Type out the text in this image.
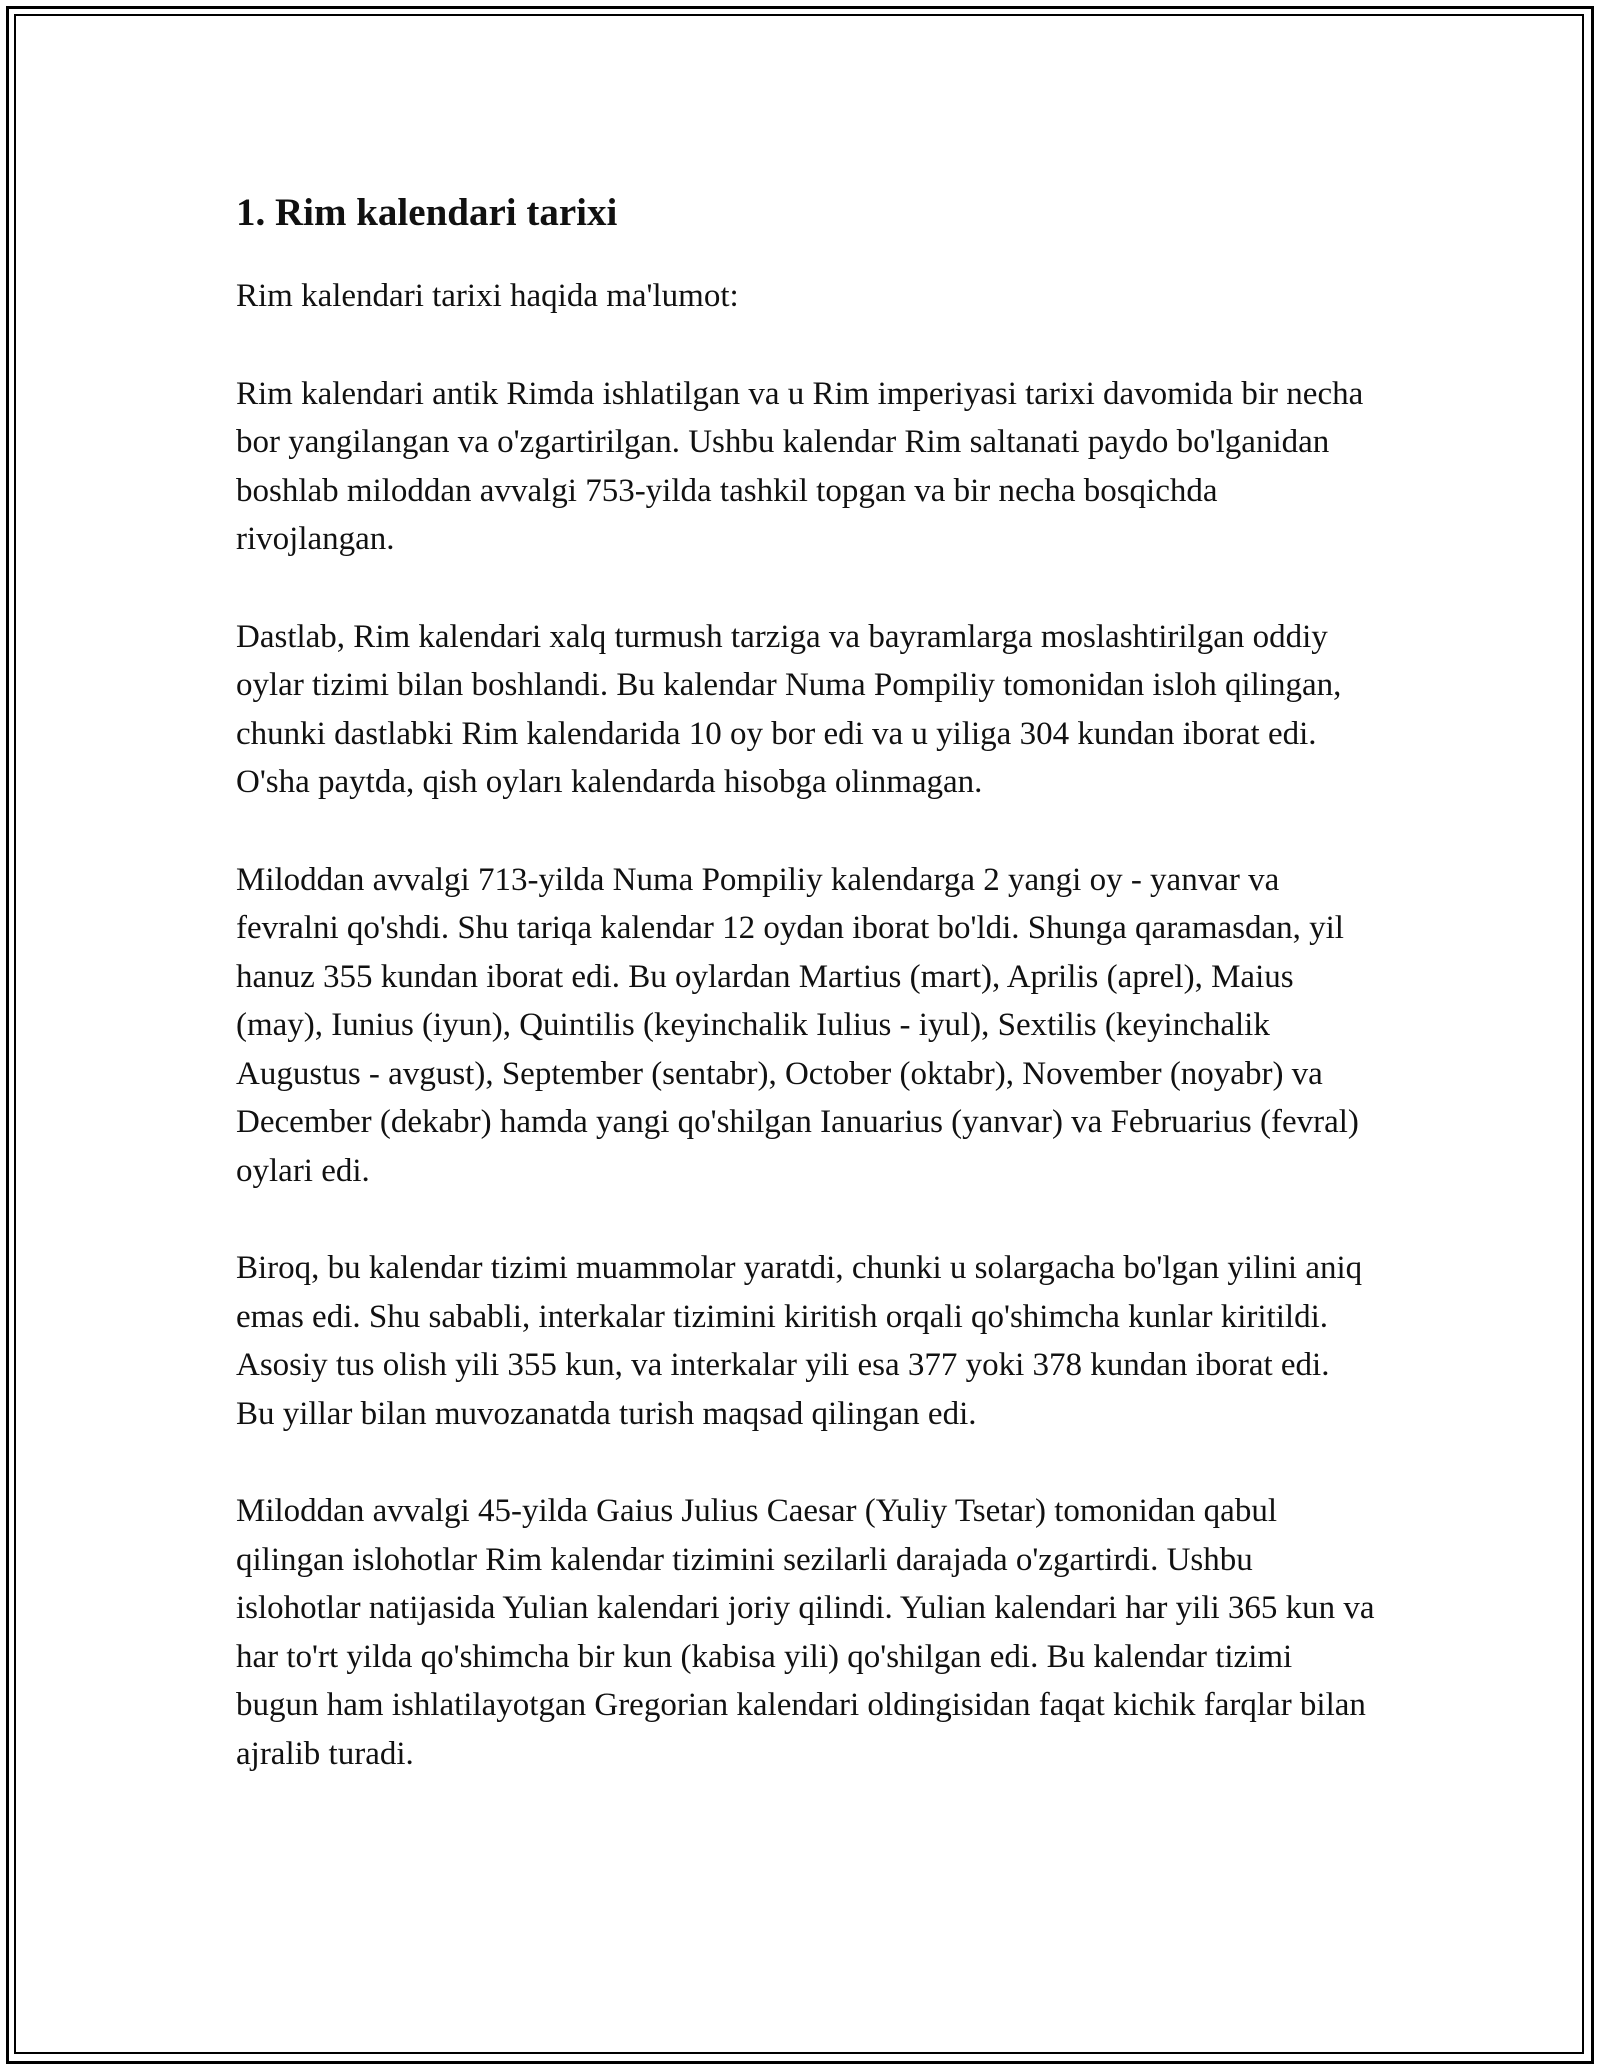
1. Rim kalendari tarixi

Rim kalendari tarixi haqida ma'lumot:

Rim kalendari antik Rimda ishlatilgan va u Rim imperiyasi tarixi davomida bir necha bor yangilangan va o'zgartirilgan. Ushbu kalendar Rim saltanati paydo bo'lganidan boshlab miloddan avvalgi 753-yilda tashkil topgan va bir necha bosqichda rivojlangan.

Dastlab, Rim kalendari xalq turmush tarziga va bayramlarga moslashtirilgan oddiy oylar tizimi bilan boshlandi. Bu kalendar Numa Pompiliy tomonidan isloh qilingan, chunki dastlabki Rim kalendarida 10 oy bor edi va u yiliga 304 kundan iborat edi. O'sha paytda, qish oyları kalendarda hisobga olinmagan.

Miloddan avvalgi 713-yilda Numa Pompiliy kalendarga 2 yangi oy - yanvar va fevralni qo'shdi. Shu tariqa kalendar 12 oydan iborat bo'ldi. Shunga qaramasdan, yil hanuz 355 kundan iborat edi. Bu oylardan Martius (mart), Aprilis (aprel), Maius (may), Iunius (iyun), Quintilis (keyinchalik Iulius - iyul), Sextilis (keyinchalik Augustus - avgust), September (sentabr), October (oktabr), November (noyabr) va December (dekabr) hamda yangi qo'shilgan Ianuarius (yanvar) va Februarius (fevral) oylari edi.

Biroq, bu kalendar tizimi muammolar yaratdi, chunki u solargacha bo'lgan yilini aniq emas edi. Shu sababli, interkalar tizimini kiritish orqali qo'shimcha kunlar kiritildi. Asosiy tus olish yili 355 kun, va interkalar yili esa 377 yoki 378 kundan iborat edi. Bu yillar bilan muvozanatda turish maqsad qilingan edi.

Miloddan avvalgi 45-yilda Gaius Julius Caesar (Yuliy Tsetar) tomonidan qabul qilingan islohotlar Rim kalendar tizimini sezilarli darajada o'zgartirdi. Ushbu islohotlar natijasida Yulian kalendari joriy qilindi. Yulian kalendari har yili 365 kun va har to'rt yilda qo'shimcha bir kun (kabisa yili) qo'shilgan edi. Bu kalendar tizimi bugun ham ishlatilayotgan Gregorian kalendari oldingisidan faqat kichik farqlar bilan ajralib turadi.
